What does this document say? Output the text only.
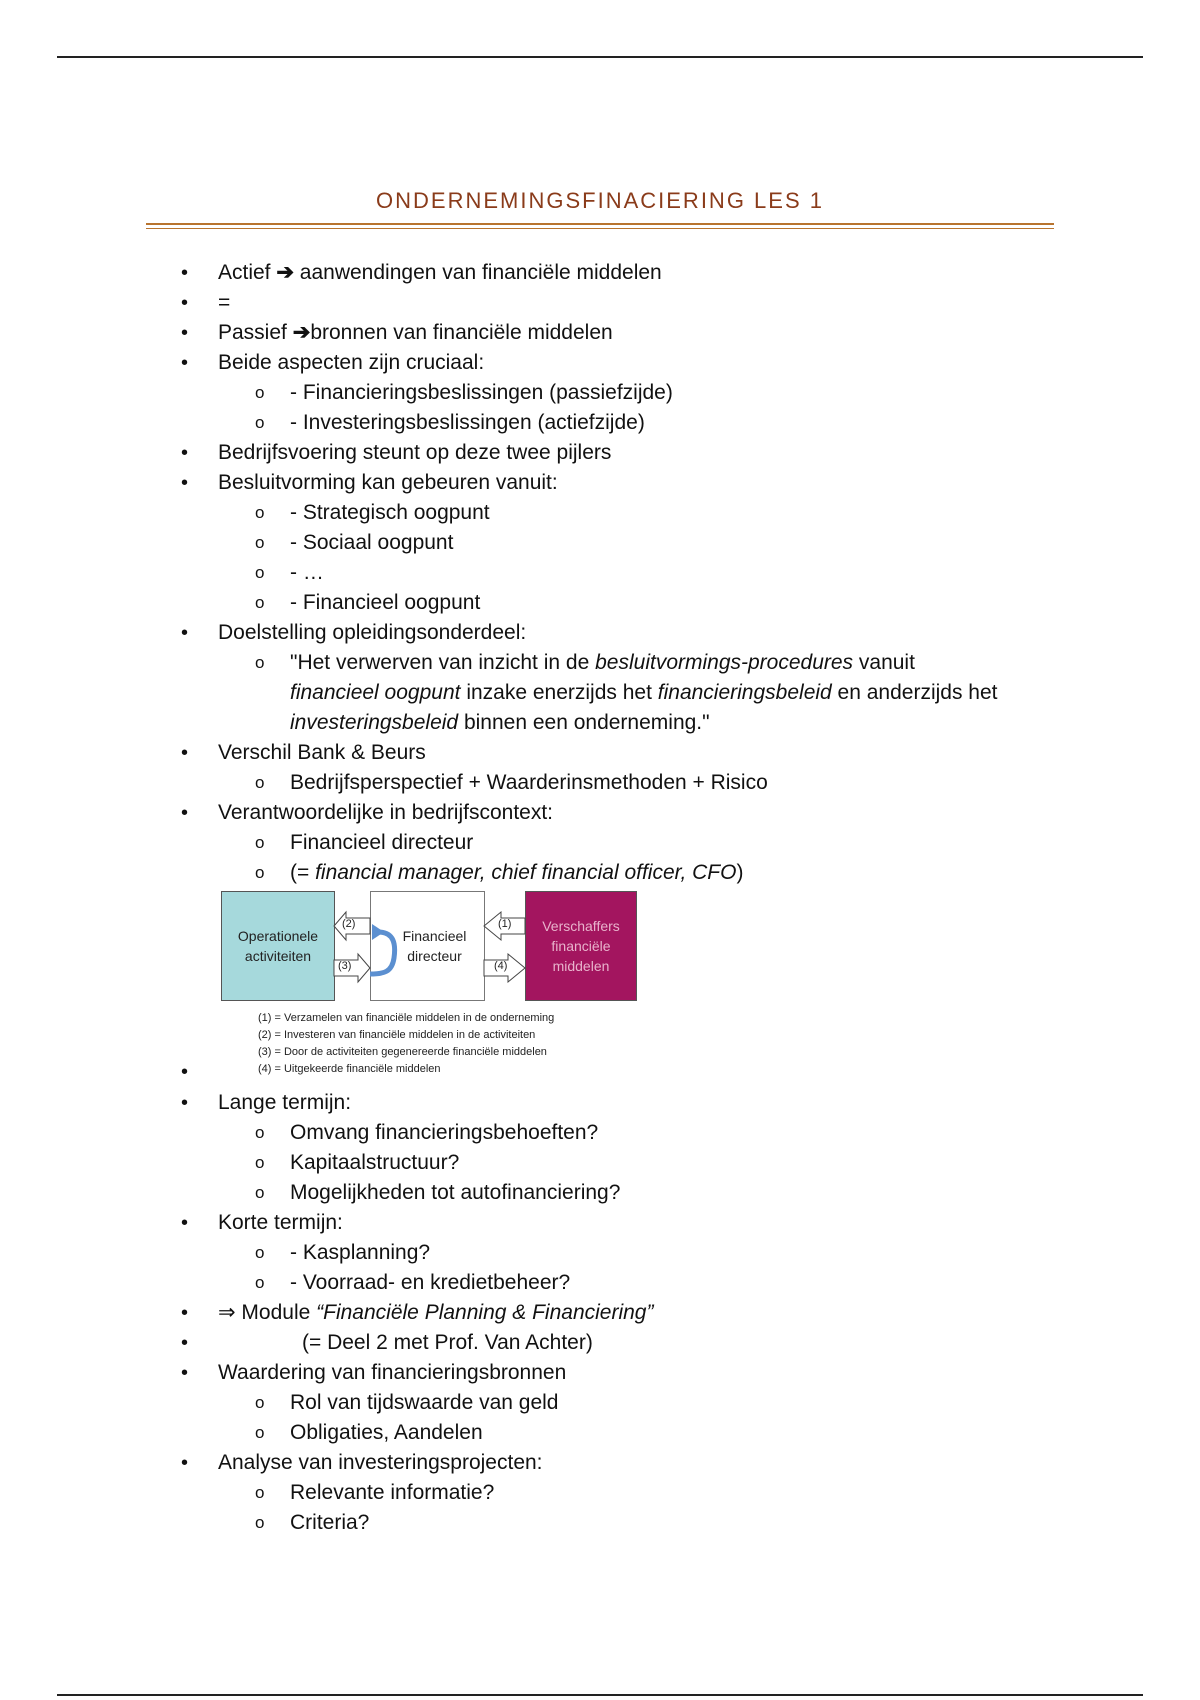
ONDERNEMINGSFINACIERING LES 1
• Actief ➔ aanwendingen van financiële middelen
• =
• Passief ➔bronnen van financiële middelen
• Beide aspecten zijn cruciaal:
o - Financieringsbeslissingen (passiefzijde)
o - Investeringsbeslissingen (actiefzijde)
• Bedrijfsvoering steunt op deze twee pijlers
• Besluitvorming kan gebeuren vanuit:
o - Strategisch oogpunt
o - Sociaal oogpunt
o - …
o - Financieel oogpunt
• Doelstelling opleidingsonderdeel:
o "Het verwerven van inzicht in de besluitvormings-procedures vanuit
financieel oogpunt inzake enerzijds het financieringsbeleid en anderzijds het
investeringsbeleid binnen een onderneming."
• Verschil Bank & Beurs
o Bedrijfsperspectief + Waarderinsmethoden + Risico
• Verantwoordelijke in bedrijfscontext:
o Financieel directeur
o (= financial manager, chief financial officer, CFO)
Operationele activiteiten
Financieel directeur
Verschaffers financiële middelen
(2)
(3)
(1)
(4)
(1) = Verzamelen van financiële middelen in de onderneming
(2) = Investeren van financiële middelen in de activiteiten
(3) = Door de activiteiten gegenereerde financiële middelen
(4) = Uitgekeerde financiële middelen
•
• Lange termijn:
o Omvang financieringsbehoeften?
o Kapitaalstructuur?
o Mogelijkheden tot autofinanciering?
• Korte termijn:
o - Kasplanning?
o - Voorraad- en kredietbeheer?
• ⇒ Module “Financiële Planning & Financiering”
•	(= Deel 2 met Prof. Van Achter)
• Waardering van financieringsbronnen
o Rol van tijdswaarde van geld
o Obligaties, Aandelen
• Analyse van investeringsprojecten:
o Relevante informatie?
o Criteria?
